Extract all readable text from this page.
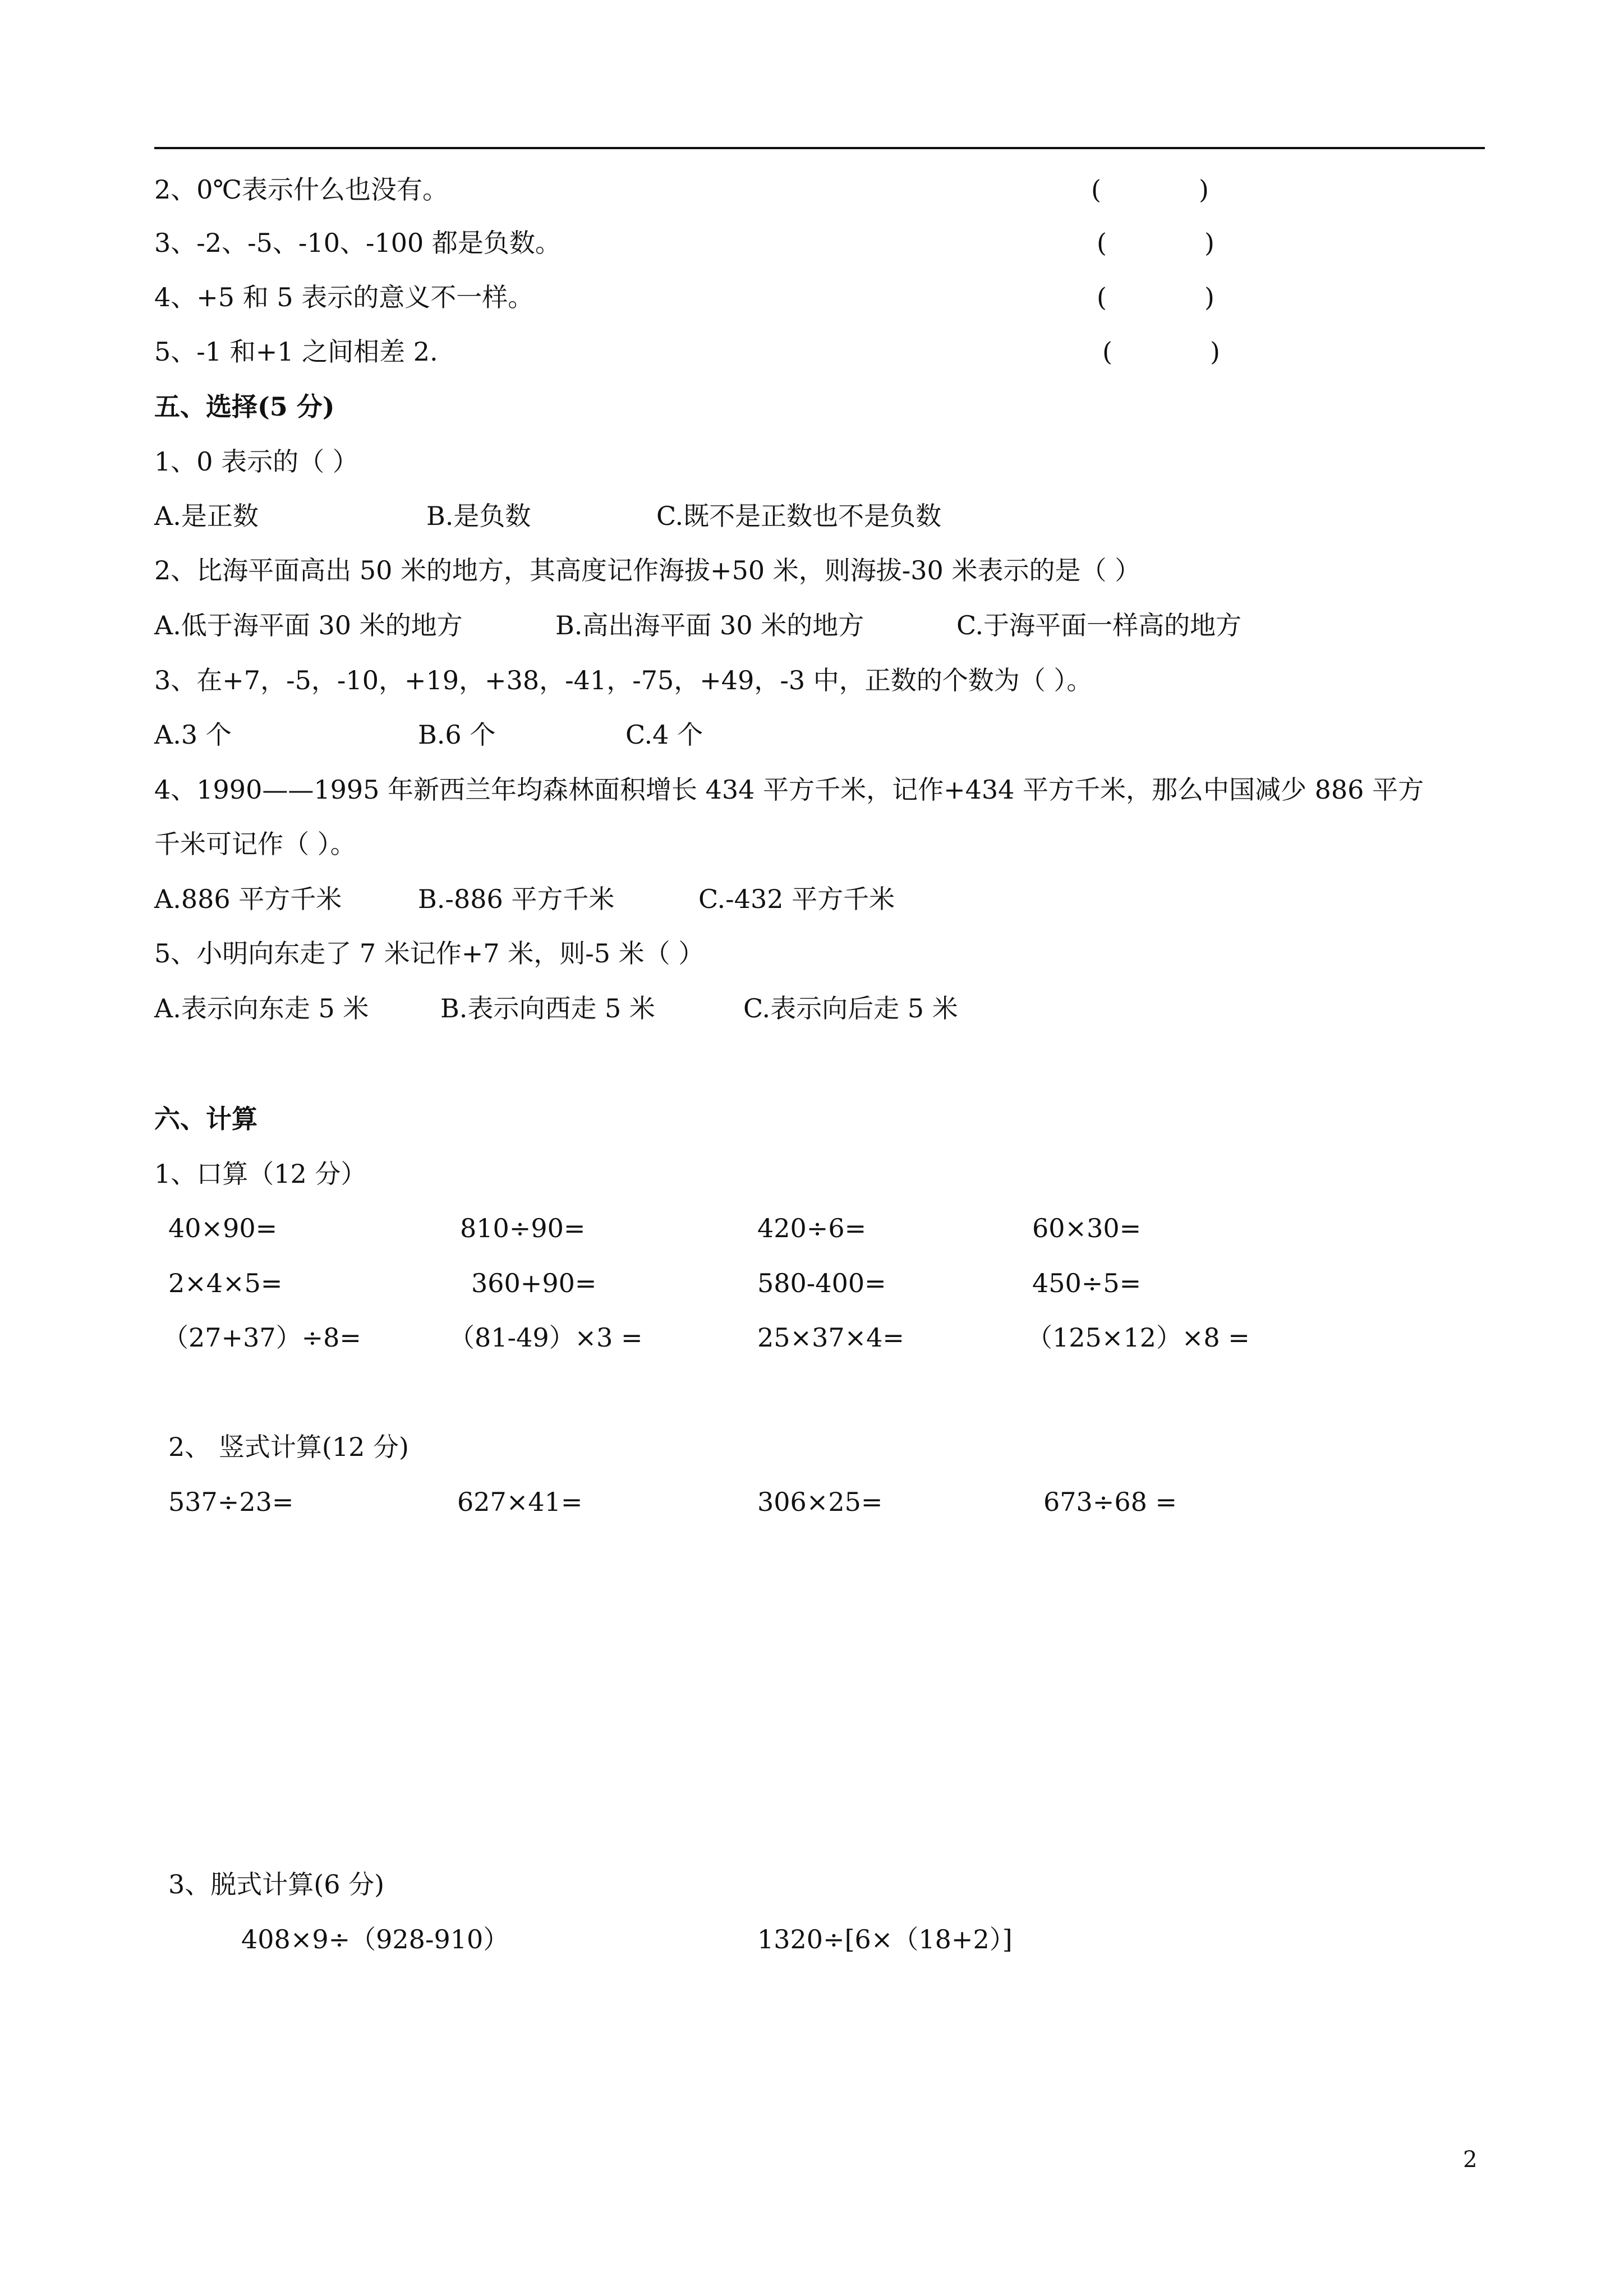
2、0℃表示什么也没有。	(	)
3、-2、-5、-10、-100 都是负数。	(	)
4、+5 和 5 表示的意义不一样。	(	)
5、-1 和+1 之间相差 2.	(	)
五、选择(5 分)
1、0 表示的（ ）
A.是正数	B.是负数	C.既不是正数也不是负数
2、比海平面高出 50 米的地方，其高度记作海拔+50 米，则海拔-30 米表示的是（ ）
A.低于海平面 30 米的地方	B.高出海平面 30 米的地方	C.于海平面一样高的地方
3、在+7，-5，-10，+19，+38，-41，-75，+49，-3 中，正数的个数为（ ）。
A.3 个	B.6 个	C.4 个
4、1990——1995 年新西兰年均森林面积增长 434 平方千米，记作+434 平方千米，那么中国减少 886 平方
千米可记作（ ）。
A.886 平方千米	B.-886 平方千米	C.-432 平方千米
5、小明向东走了 7 米记作+7 米，则-5 米（ ）
A.表示向东走 5 米	B.表示向西走 5 米	C.表示向后走 5 米
六、计算
1、口算（12 分）
40×90=	810÷90=	420÷6=	60×30=
2×4×5=	360+90=	580-400=	450÷5=
（27+37）÷8=	（81-49）×3 =	25×37×4=	（125×12）×8 =
2、 竖式计算(12 分)
537÷23=	627×41=	306×25=	673÷68 =
3、脱式计算(6 分)
408×9÷（928-910）	1320÷[6×（18+2）]
2
